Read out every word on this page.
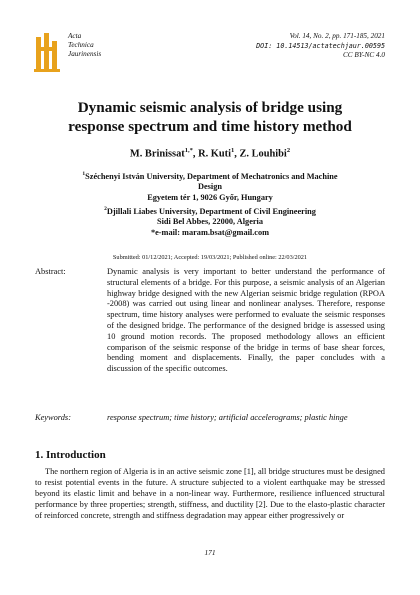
Acta
Technica
Jaurinensis
Vol. 14, No. 2, pp. 171-185, 2021
DOI: 10.14513/actatechjaur.00595
CC BY-NC 4.0
Dynamic seismic analysis of bridge using
response spectrum and time history method
M. Brinissat$^{1,*}$, R. Kuti$^1$, Z. Louhibi$^2$
$^1$Széchenyi István University, Department of Mechatronics and Machine
Design
Egyetem tér 1, 9026 Győr, Hungary
$^2$Djillali Liabes University, Department of Civil Engineering
Sidi Bel Abbes, 22000, Algeria
*e-mail: maram.bsat@gmail.com
Submitted: 01/12/2021; Accepted: 19/03/2021; Published online: 22/03/2021
Abstract:	Dynamic analysis is very important to better understand the performance of structural elements of a bridge. For this purpose, a seismic analysis of an Algerian highway bridge designed with the new Algerian seismic bridge regulation (RPOA -2008) was carried out using linear and nonlinear analyses. Therefore, response spectrum, time history analyses were performed to evaluate the seismic responses of the designed bridge. The performance of the designed bridge is assessed using 10 ground motion records. The proposed methodology allows an efficient comparison of the seismic response of the bridge in terms of base shear forces, bending moment and displacements. Finally, the paper concludes with a discussion of the specific outcomes.
Keywords:	response spectrum; time history; artificial accelerograms; plastic hinge
1. Introduction
The northern region of Algeria is in an active seismic zone [1], all bridge structures must be designed to resist potential events in the future. A structure subjected to a violent earthquake may be stressed beyond its elastic limit and behave in a non-linear way. Furthermore, resilience influenced structural performance by three properties; strength, stiffness, and ductility [2]. Due to the elasto-plastic character of reinforced concrete, strength and stiffness degradation may appear either progressively or
171
